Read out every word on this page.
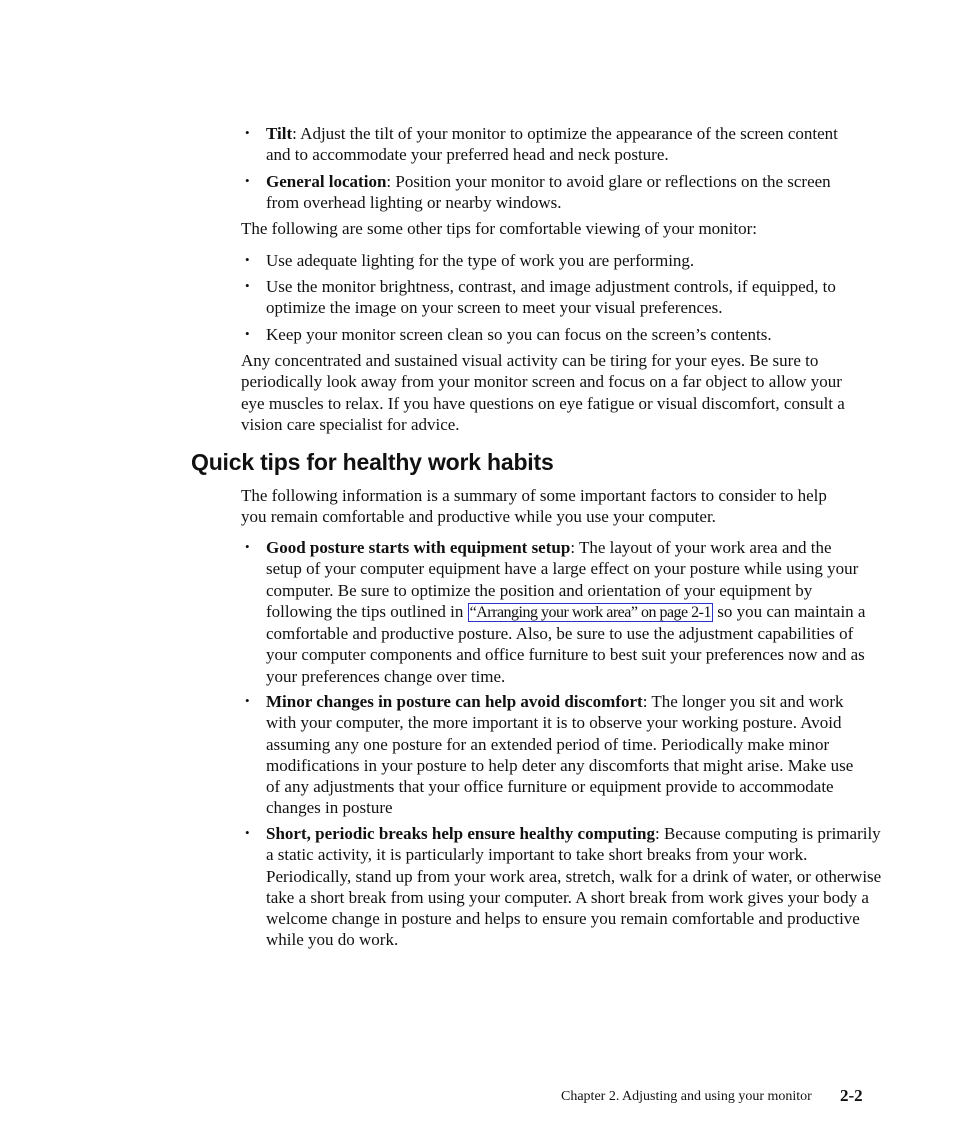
• Tilt: Adjust the tilt of your monitor to optimize the appearance of the screen content and to accommodate your preferred head and neck posture.
• General location: Position your monitor to avoid glare or reflections on the screen from overhead lighting or nearby windows.
The following are some other tips for comfortable viewing of your monitor:
• Use adequate lighting for the type of work you are performing.
• Use the monitor brightness, contrast, and image adjustment controls, if equipped, to optimize the image on your screen to meet your visual preferences.
• Keep your monitor screen clean so you can focus on the screen’s contents.
Any concentrated and sustained visual activity can be tiring for your eyes. Be sure to periodically look away from your monitor screen and focus on a far object to allow your eye muscles to relax. If you have questions on eye fatigue or visual discomfort, consult a vision care specialist for advice.
Quick tips for healthy work habits
The following information is a summary of some important factors to consider to help you remain comfortable and productive while you use your computer.
• Good posture starts with equipment setup: The layout of your work area and the setup of your computer equipment have a large effect on your posture while using your computer. Be sure to optimize the position and orientation of your equipment by following the tips outlined in “Arranging your work area” on page 2-1 so you can maintain a comfortable and productive posture. Also, be sure to use the adjustment capabilities of your computer components and office furniture to best suit your preferences now and as your preferences change over time.
• Minor changes in posture can help avoid discomfort: The longer you sit and work with your computer, the more important it is to observe your working posture. Avoid assuming any one posture for an extended period of time. Periodically make minor modifications in your posture to help deter any discomforts that might arise. Make use of any adjustments that your office furniture or equipment provide to accommodate changes in posture
• Short, periodic breaks help ensure healthy computing: Because computing is primarily a static activity, it is particularly important to take short breaks from your work. Periodically, stand up from your work area, stretch, walk for a drink of water, or otherwise take a short break from using your computer. A short break from work gives your body a welcome change in posture and helps to ensure you remain comfortable and productive while you do work.
Chapter 2. Adjusting and using your monitor 2-2
